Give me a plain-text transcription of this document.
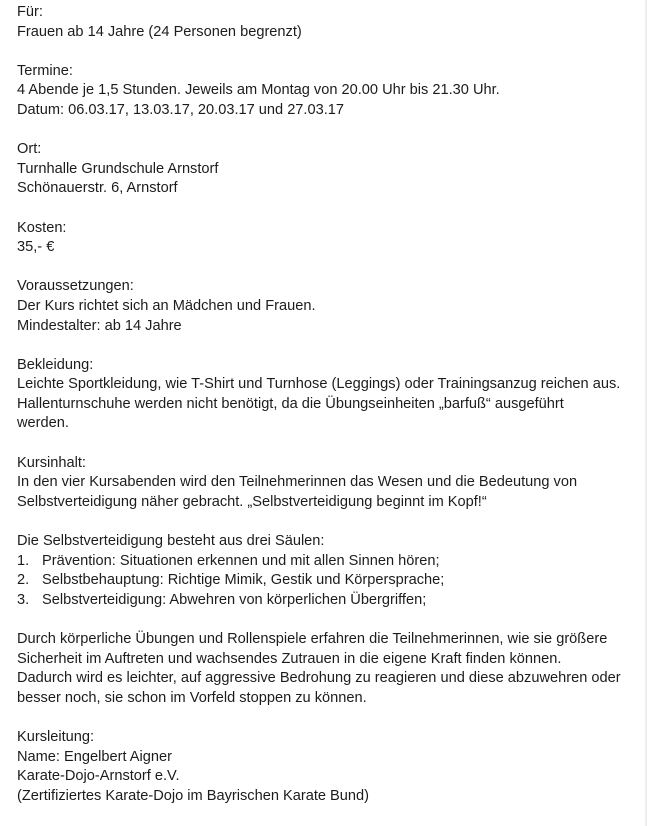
Für:
Frauen ab 14 Jahre (24 Personen begrenzt)
Termine:
4 Abende je 1,5 Stunden. Jeweils am Montag von 20.00 Uhr bis 21.30 Uhr.
Datum: 06.03.17, 13.03.17, 20.03.17 und 27.03.17
Ort:
Turnhalle Grundschule Arnstorf
Schönauerstr. 6, Arnstorf
Kosten:
35,- €
Voraussetzungen:
Der Kurs richtet sich an Mädchen und Frauen.
Mindestalter: ab 14 Jahre
Bekleidung:
Leichte Sportkleidung, wie T-Shirt und Turnhose (Leggings) oder Trainingsanzug reichen aus.
Hallenturnschuhe werden nicht benötigt, da die Übungseinheiten „barfuß“ ausgeführt
werden.
Kursinhalt:
In den vier Kursabenden wird den Teilnehmerinnen das Wesen und die Bedeutung von
Selbstverteidigung näher gebracht. „Selbstverteidigung beginnt im Kopf!“
Die Selbstverteidigung besteht aus drei Säulen:
1. Prävention: Situationen erkennen und mit allen Sinnen hören;
2. Selbstbehauptung: Richtige Mimik, Gestik und Körpersprache;
3. Selbstverteidigung: Abwehren von körperlichen Übergriffen;
Durch körperliche Übungen und Rollenspiele erfahren die Teilnehmerinnen, wie sie größere
Sicherheit im Auftreten und wachsendes Zutrauen in die eigene Kraft finden können.
Dadurch wird es leichter, auf aggressive Bedrohung zu reagieren und diese abzuwehren oder
besser noch, sie schon im Vorfeld stoppen zu können.
Kursleitung:
Name: Engelbert Aigner
Karate-Dojo-Arnstorf e.V.
(Zertifiziertes Karate-Dojo im Bayrischen Karate Bund)
